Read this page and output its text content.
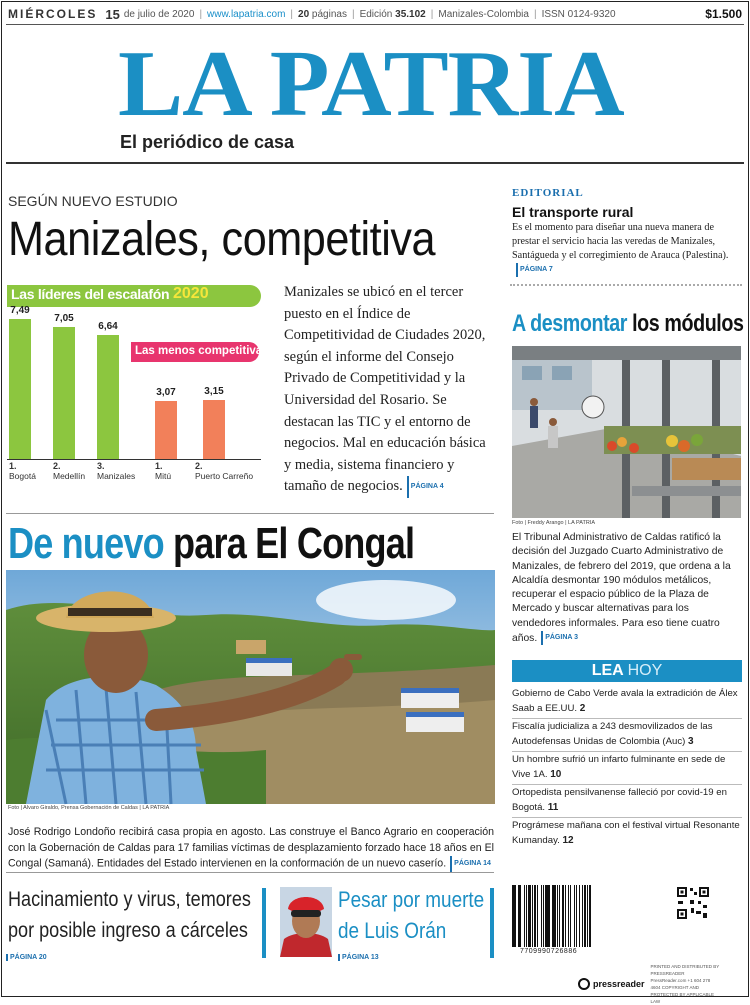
MIÉRCOLES 15 de julio de 2020 | www.lapatria.com | 20
páginas | Edición
35.102 | Manizales-Colombia | ISSN 0124-9320	$1.500
LA PATRIA
El periódico de casa
SEGÚN NUEVO ESTUDIO
Manizales, competitiva
Las líderes del escalafón 2020
Las menos competitivas
7,49
1.
Bogotá
7,05
2.
Medellín
6,64
3.
Manizales
3,07
1.
Mitú
3,15
2.
Puerto Carreño
Manizales se ubicó en el tercer puesto en el Índice de Competitividad de Ciudades 2020, según el informe del Consejo Privado de Competitividad y la Universidad del Rosario. Se destacan las TIC y el entorno de negocios. Mal en educación básica y media, sistema financiero y tamaño de negocios. PÁGINA 4
De nuevo para El Congal
Foto | Alvaro Giraldo, Prensa Gobernación de Caldas | LA PATRIA
José Rodrigo Londoño recibirá casa propia en agosto. Las construye el Banco Agrario en cooperación con la Gobernación de Caldas para 17 familias víctimas de desplazamiento forzado hace 18 años en El Congal (Samaná). Entidades del Estado intervienen en la conformación de un nuevo caserío. PÁGINA 14
Hacinamiento y virus, temores
por posible ingreso a cárceles
PÁGINA 20
Pesar por muerte
de Luis Orán
PÁGINA 13
EDITORIAL
El transporte rural
Es el momento para diseñar una nueva manera de prestar el servicio hacia las veredas de Manizales, Santágueda y el corregimiento de Arauca (Palestina).PÁGINA 7
A desmontar los módulos
Foto | Freddy Arango | LA PATRIA
El Tribunal Administrativo de Caldas ratificó la decisión del Juzgado Cuarto Administrativo de Manizales, de febrero del 2019, que ordena a la Alcaldía desmontar 190 módulos metálicos, recuperar el espacio público de la Plaza de Mercado y buscar alternativas para los vendedores informales. Para eso tiene cuatro años. PÁGINA 3
LEA HOY
Gobierno de Cabo Verde avala la extradición de Álex Saab a EE.UU. 2
Fiscalía judicializa a 243 desmovilizados de las Autodefensas Unidas de Colombia (Auc) 3
Un hombre sufrió un infarto fulminante en sede de Vive 1A. 10
Ortopedista pensilvanense falleció por covid-19 en Bogotá. 11
Prográmese mañana con el festival virtual Resonante Kumanday. 12
7709990726886
pressreader
PRINTED AND DISTRIBUTED BY PRESSREADER PressReader.com +1 604 278 4604 COPYRIGHT AND PROTECTED BY APPLICABLE LAW
